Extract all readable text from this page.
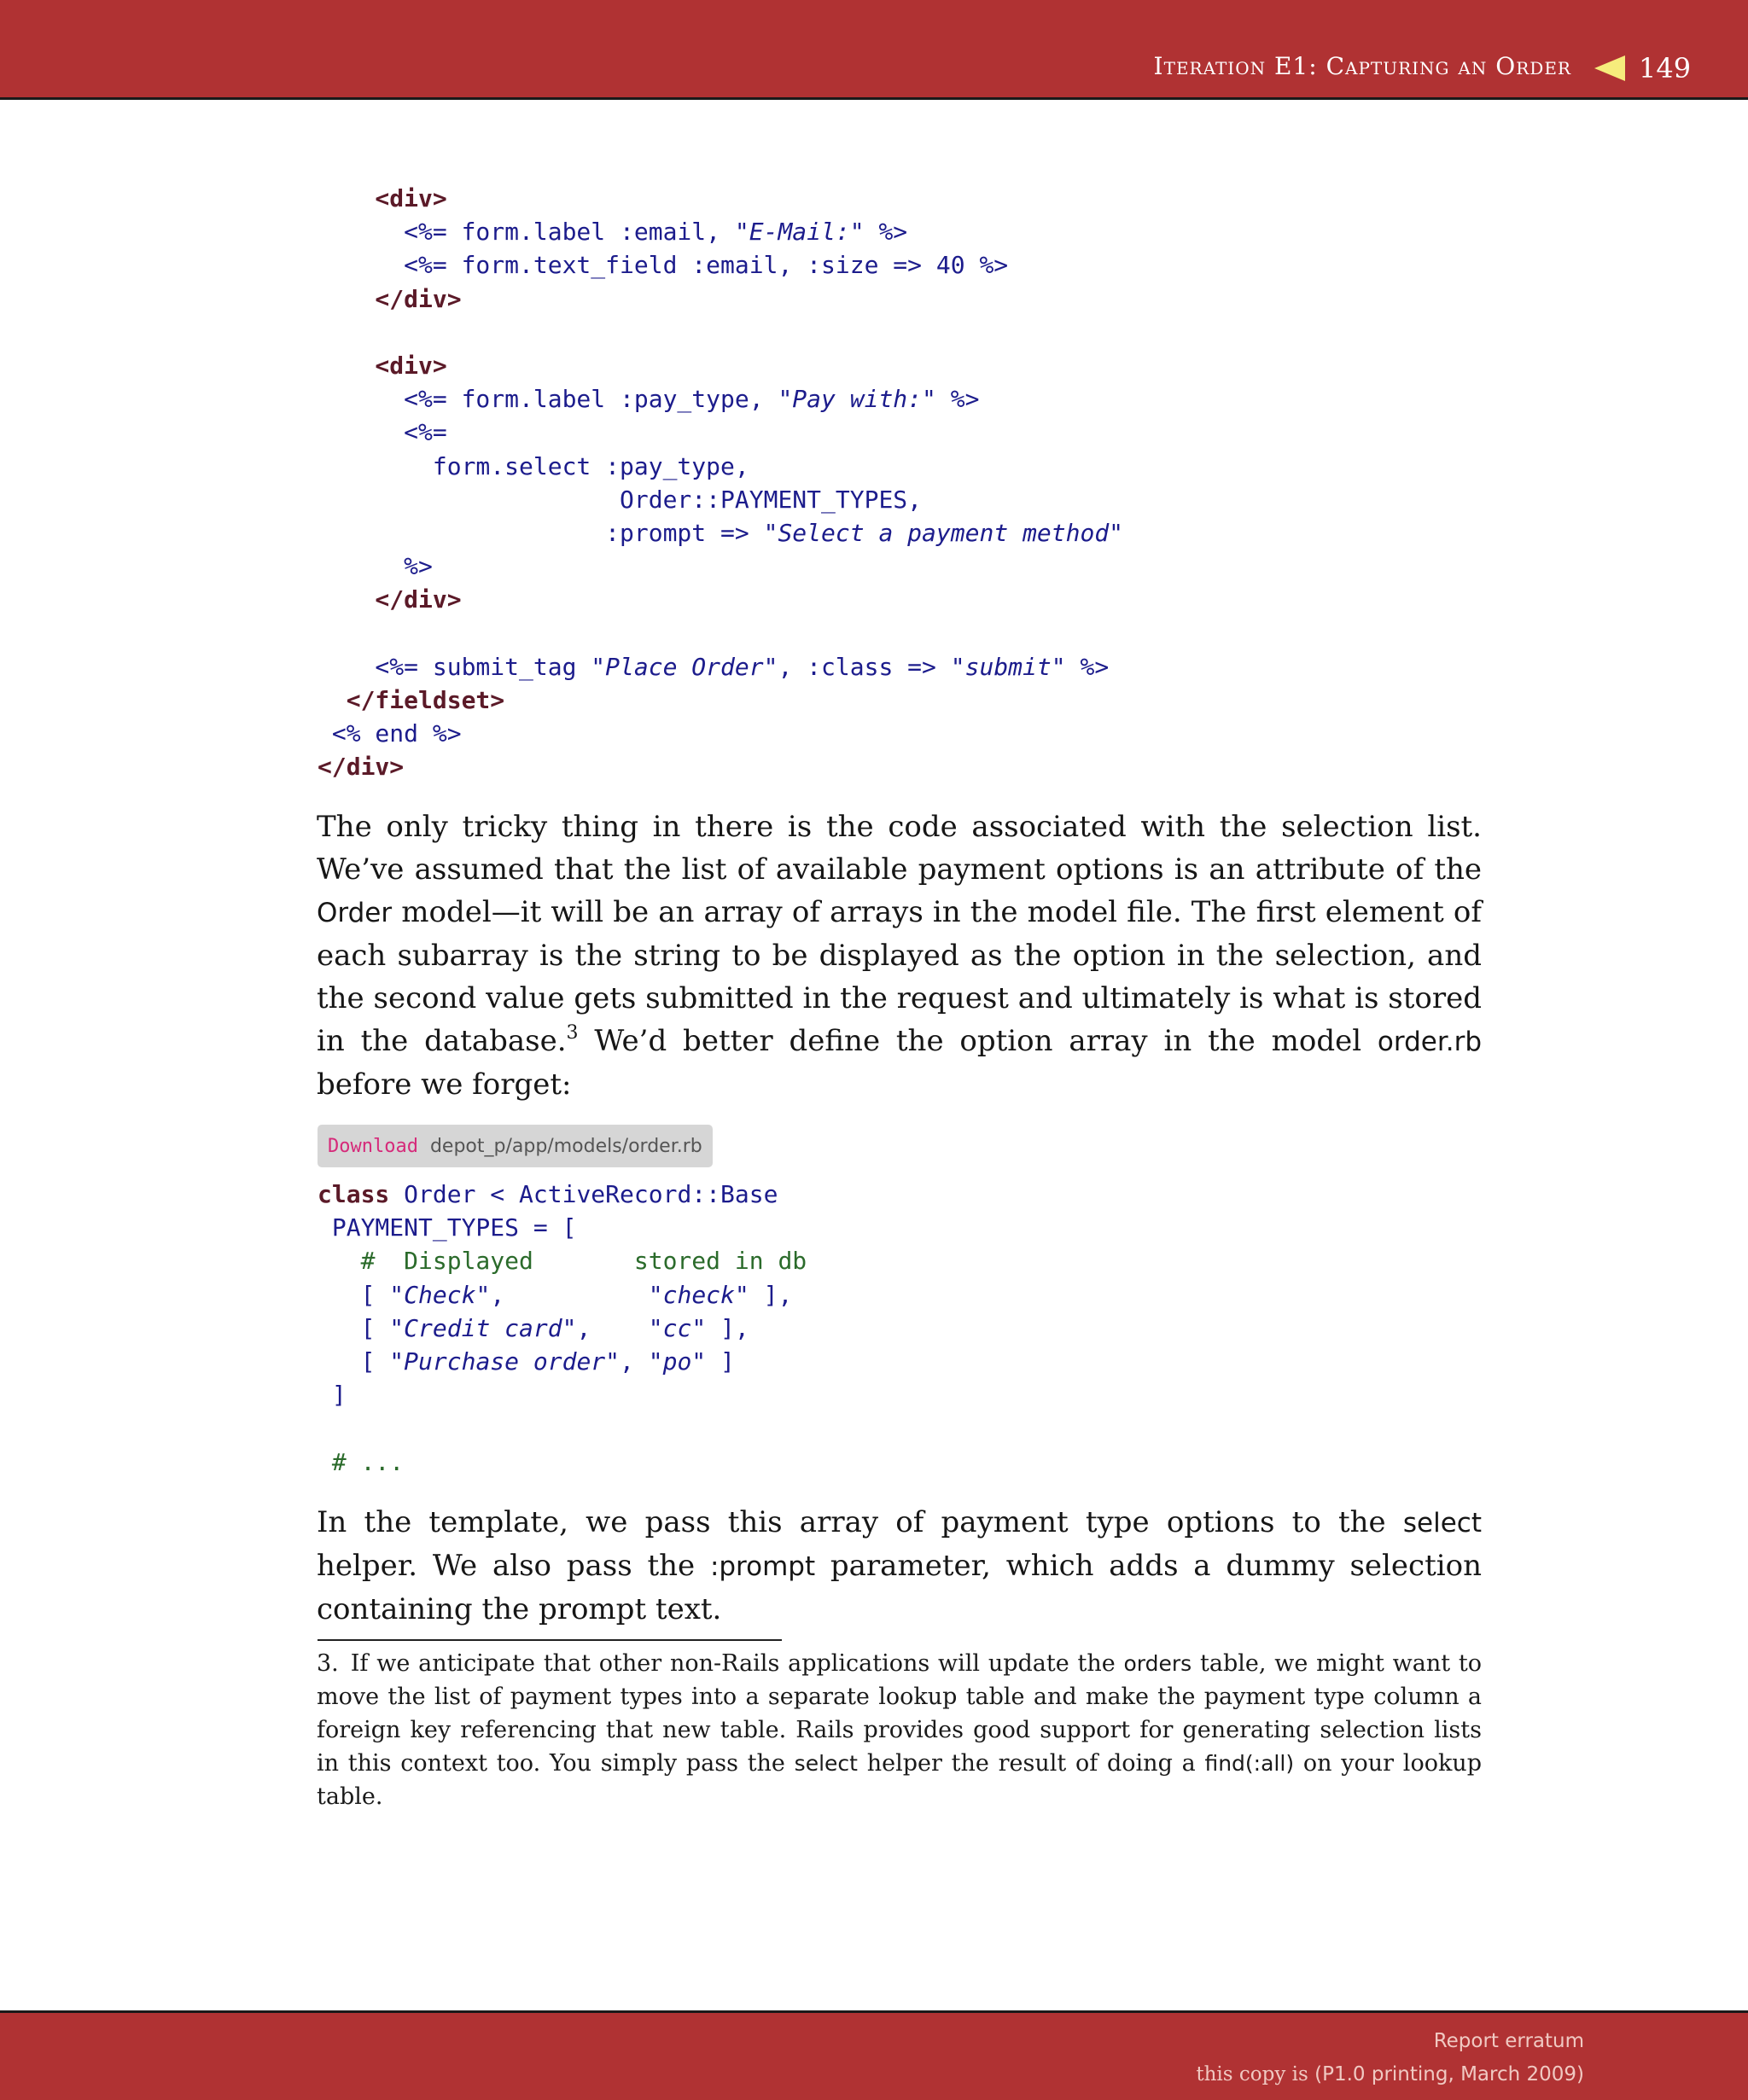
Iteration E1: Capturing an Order 149
<div>
<%= form.label :email, "E-Mail:" %>
<%= form.text_field :email, :size => 40 %>
</div>
<div>
<%= form.label :pay_type, "Pay with:" %>
<%=
form.select :pay_type,
Order::PAYMENT_TYPES,
:prompt => "Select a payment method"
%>
</div>
<%= submit_tag "Place Order", :class => "submit" %>
</fieldset>
<% end %>
</div>

The only tricky thing in there is the code associated with the selection list. We’ve assumed that the list of available payment options is an attribute of the Order model—it will be an array of arrays in the model file. The first element of each subarray is the string to be displayed as the option in the selection, and the second value gets submitted in the request and ultimately is what is stored in the database.$^3$ We’d better define the option array in the model order.rb before we forget:

Download depot_p/app/models/order.rb
class Order < ActiveRecord::Base
PAYMENT_TYPES = [
#  Displayed       stored in db
[ "Check",          "check" ],
[ "Credit card",    "cc" ],
[ "Purchase order", "po" ]
]
# ...

In the template, we pass this array of payment type options to the select helper. We also pass the :prompt parameter, which adds a dummy selection containing the prompt text.

3. If we anticipate that other non-Rails applications will update the orders table, we might want to move the list of payment types into a separate lookup table and make the payment type column a foreign key referencing that new table. Rails provides good support for generating selection lists in this context too. You simply pass the select helper the result of doing a find(:all) on your lookup table.

Report erratum
this copy is (P1.0 printing, March 2009)
